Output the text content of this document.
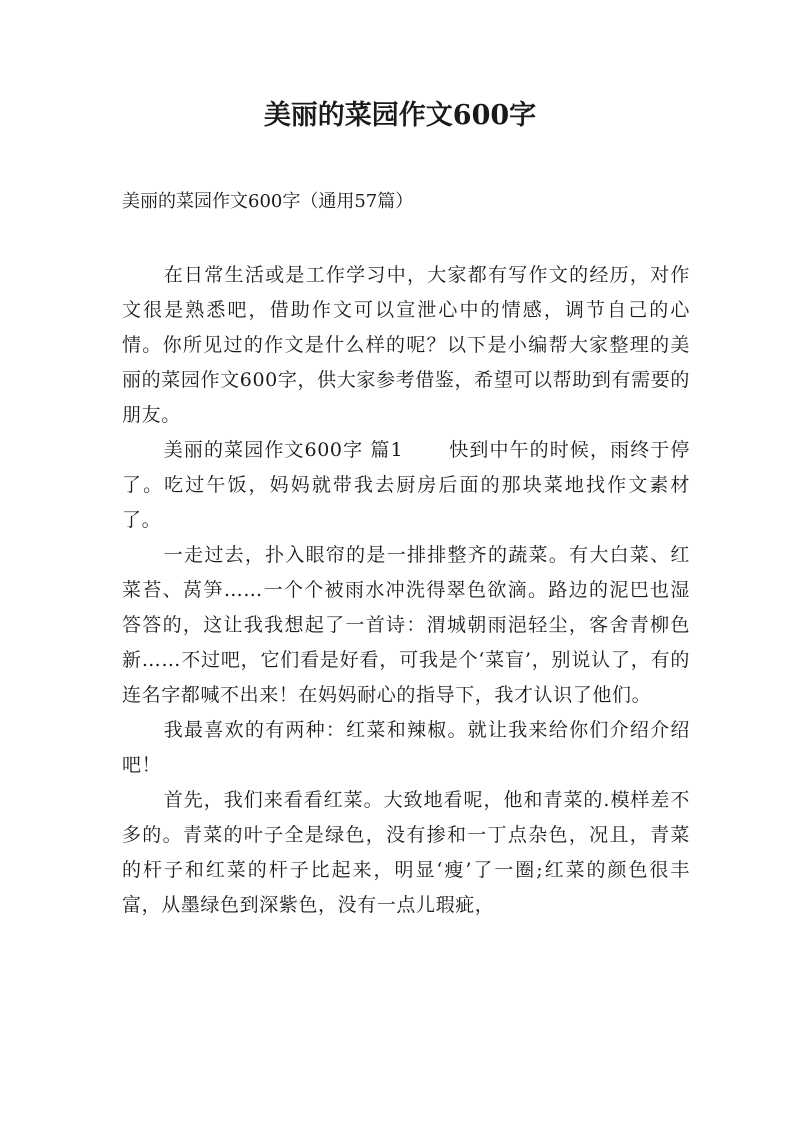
美丽的菜园作文600字

美丽的菜园作文600字（通用57篇）

在日常生活或是工作学习中，大家都有写作文的经历，对作文很是熟悉吧，借助作文可以宣泄心中的情感，调节自己的心情。你所见过的作文是什么样的呢？以下是小编帮大家整理的美丽的菜园作文600字，供大家参考借鉴，希望可以帮助到有需要的朋友。

美丽的菜园作文600字 篇1 快到中午的时候，雨终于停了。吃过午饭，妈妈就带我去厨房后面的那块菜地找作文素材了。

一走过去，扑入眼帘的是一排排整齐的蔬菜。有大白菜、红菜苔、莴笋……一个个被雨水冲洗得翠色欲滴。路边的泥巴也湿答答的，这让我我想起了一首诗：渭城朝雨浥轻尘，客舍青柳色新……不过吧，它们看是好看，可我是个‘菜盲’，别说认了，有的连名字都喊不出来！在妈妈耐心的指导下，我才认识了他们。

我最喜欢的有两种：红菜和辣椒。就让我来给你们介绍介绍吧！

首先，我们来看看红菜。大致地看呢，他和青菜的.模样差不多的。青菜的叶子全是绿色，没有掺和一丁点杂色，况且，青菜的杆子和红菜的杆子比起来，明显‘瘦’了一圈;红菜的颜色很丰富，从墨绿色到深紫色，没有一点儿瑕疵，
